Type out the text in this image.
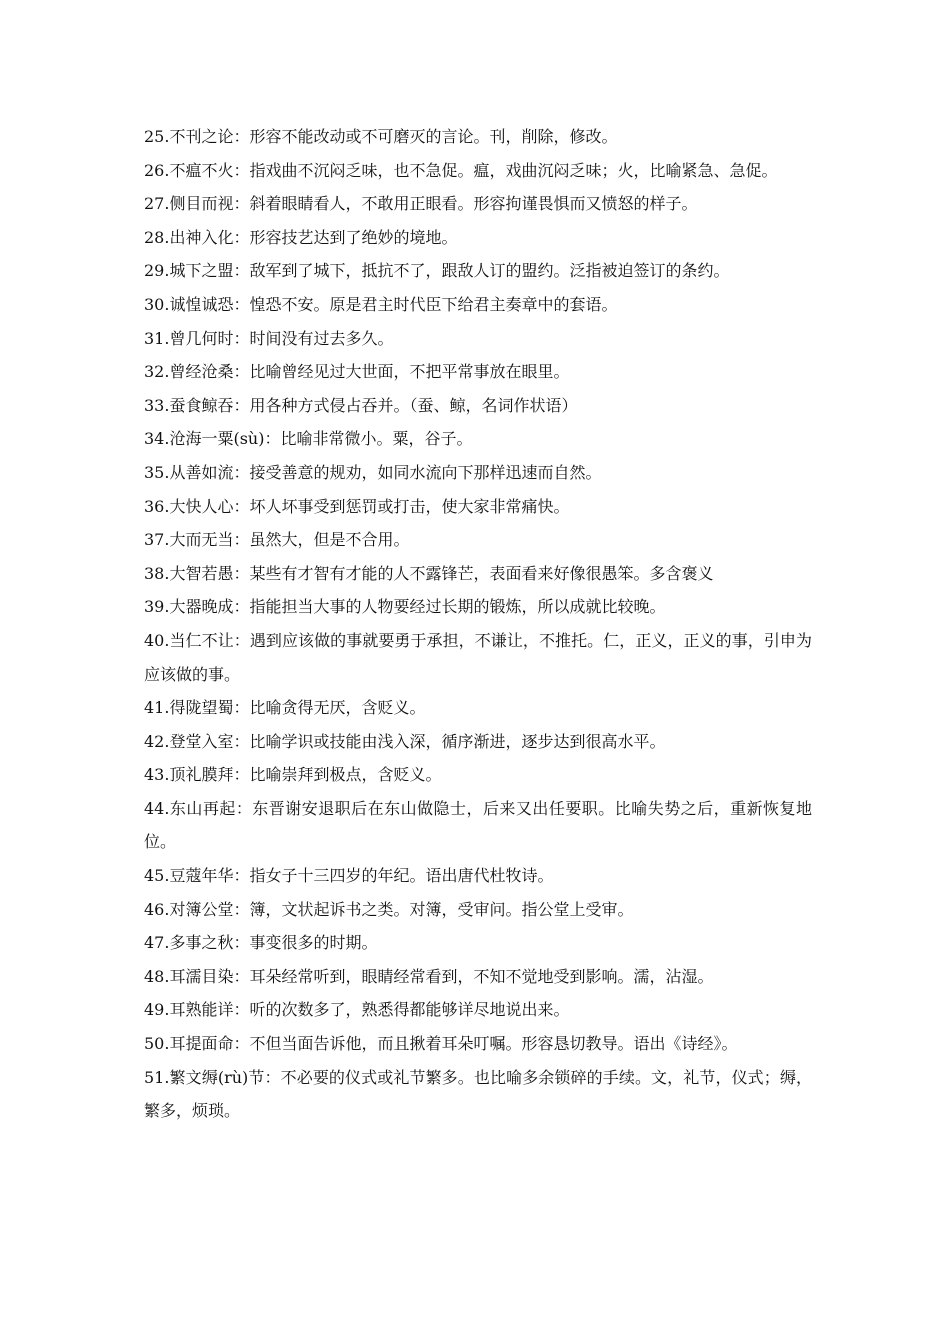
25.不刊之论：形容不能改动或不可磨灭的言论。刊，削除，修改。

26.不瘟不火：指戏曲不沉闷乏味，也不急促。瘟，戏曲沉闷乏味；火，比喻紧急、急促。

27.侧目而视：斜着眼睛看人，不敢用正眼看。形容拘谨畏惧而又愤怒的样子。

28.出神入化：形容技艺达到了绝妙的境地。

29.城下之盟：敌军到了城下，抵抗不了，跟敌人订的盟约。泛指被迫签订的条约。

30.诚惶诚恐：惶恐不安。原是君主时代臣下给君主奏章中的套语。

31.曾几何时：时间没有过去多久。

32.曾经沧桑：比喻曾经见过大世面，不把平常事放在眼里。

33.蚕食鲸吞：用各种方式侵占吞并。（蚕、鲸，名词作状语）

34.沧海一粟(sù)：比喻非常微小。粟，谷子。

35.从善如流：接受善意的规劝，如同水流向下那样迅速而自然。

36.大快人心：坏人坏事受到惩罚或打击，使大家非常痛快。

37.大而无当：虽然大，但是不合用。

38.大智若愚：某些有才智有才能的人不露锋芒，表面看来好像很愚笨。多含褒义

39.大器晚成：指能担当大事的人物要经过长期的锻炼，所以成就比较晚。

40.当仁不让：遇到应该做的事就要勇于承担，不谦让，不推托。仁，正义，正义的事，引申为应该做的事。

41.得陇望蜀：比喻贪得无厌，含贬义。

42.登堂入室：比喻学识或技能由浅入深，循序渐进，逐步达到很高水平。

43.顶礼膜拜：比喻崇拜到极点，含贬义。

44.东山再起：东晋谢安退职后在东山做隐士，后来又出任要职。比喻失势之后，重新恢复地位。

45.豆蔻年华：指女子十三四岁的年纪。语出唐代杜牧诗。

46.对簿公堂：簿，文状起诉书之类。对簿，受审问。指公堂上受审。

47.多事之秋：事变很多的时期。

48.耳濡目染：耳朵经常听到，眼睛经常看到，不知不觉地受到影响。濡，沾湿。

49.耳熟能详：听的次数多了，熟悉得都能够详尽地说出来。

50.耳提面命：不但当面告诉他，而且揪着耳朵叮嘱。形容恳切教导。语出《诗经》。

51.繁文缛(rù)节：不必要的仪式或礼节繁多。也比喻多余锁碎的手续。文，礼节，仪式；缛，繁多，烦琐。
